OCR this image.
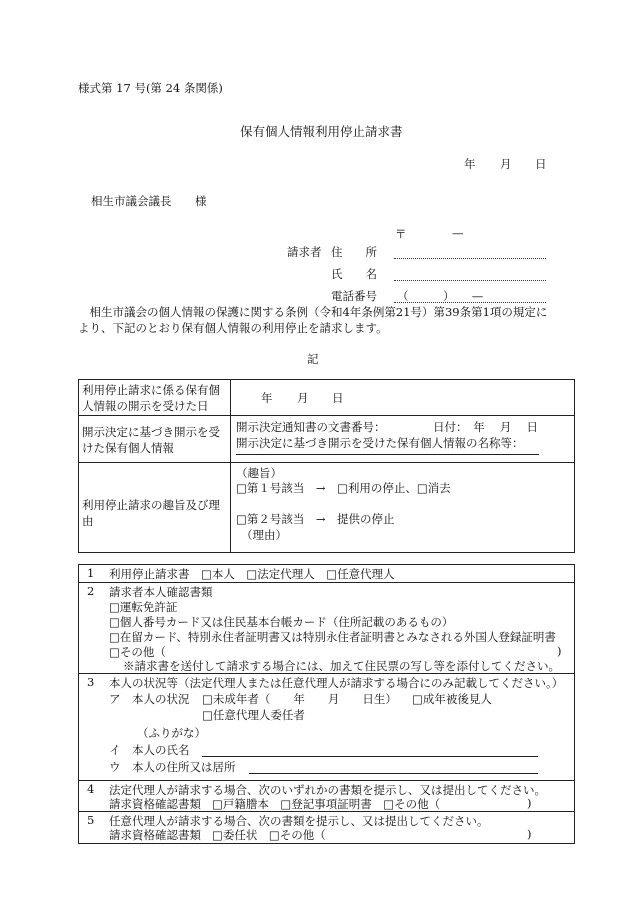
様式第 17 号(第 24 条関係)
保有個人情報利用停止請求書
年 月 日
相生市議会議長 様
〒	—
請求者 住　　所
氏　　名
電話番号 （　　　）　　—
　相生市議会の個人情報の保護に関する条例（令和4年条例第21号）第39条第1項の規定に
より、下記のとおり保有個人情報の利用停止を請求します。
記
利用停止請求に係る保有個
人情報の開示を受けた日	年 月 日

開示決定に基づき開示を受
けた保有個人情報	開示決定通知書の文書番号： 日付：　年　 月　 日
開示決定に基づき開示を受けた保有個人情報の名称等：

利用停止請求の趣旨及び理
由	（趣旨）
□第１号該当　→　□利用の停止、□消去
□第２号該当　→　提供の停止
（理由）
1 利用停止請求書　□本人　□法定代理人　□任意代理人

2 請求者本人確認書類
□運転免許証
□個人番号カード又は住民基本台帳カード（住所記載のあるもの）
□在留カード、特別永住者証明書又は特別永住者証明書とみなされる外国人登録証明書
□その他（	)
※請求書を送付して請求する場合には、加えて住民票の写し等を添付してください。

3 本人の状況等（法定代理人または任意代理人が請求する場合にのみ記載してください。）
ア　本人の状況 □未成年者（　　年　　月　　日生） □成年被後見人
□任意代理人委任者
（ふりがな）
イ　本人の氏名
ウ　本人の住所又は居所

4 法定代理人が請求する場合、次のいずれかの書類を提示し、又は提出してください。
請求資格確認書類 □戸籍謄本　□登記事項証明書　□その他（	)

5 任意代理人が請求する場合、次の書類を提示し、又は提出してください。
請求資格確認書類 □委任状　□その他（	)
